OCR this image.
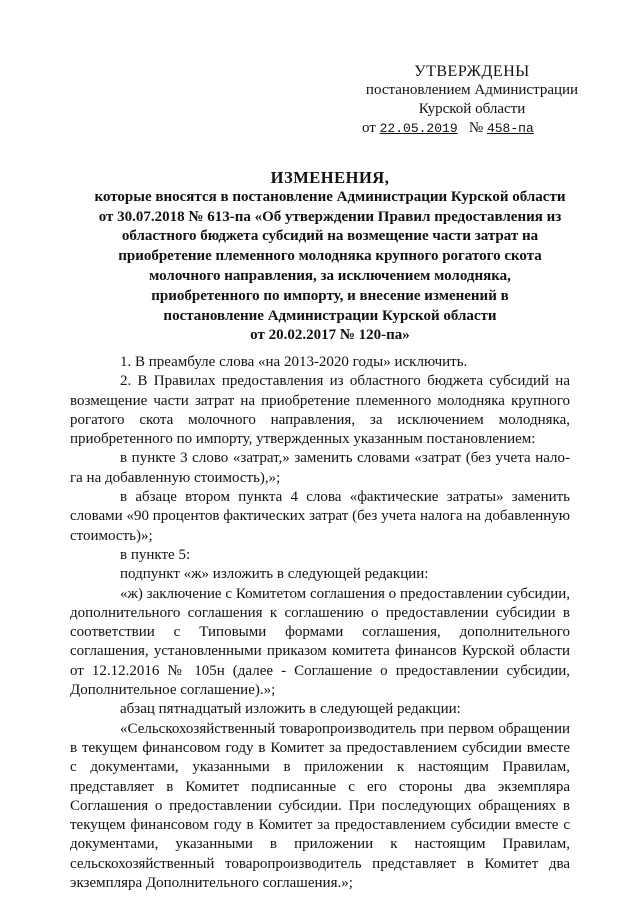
УТВЕРЖДЕНЫ
постановлением Администрации
Курской области
от 22.05.2019 № 458-па
ИЗМЕНЕНИЯ,
которые вносятся в постановление Администрации Курской области
от 30.07.2018 № 613-па «Об утверждении Правил предоставления из
областного бюджета субсидий на возмещение части затрат на
приобретение племенного молодняка крупного рогатого скота
молочного направления, за исключением молодняка,
приобретенного по импорту, и внесение изменений в
постановление Администрации Курской области
от 20.02.2017 № 120-па»

1. В преамбуле слова «на 2013-2020 годы» исключить.

2. В Правилах предоставления из областного бюджета субсидий на возмещение части затрат на приобретение племенного молодняка крупного рогатого скота молочного направления, за исключением молодняка, приобретенного по импорту, утвержденных указанным постановлением:

в пункте 3 слово «затрат,» заменить словами «затрат (без учета нало-га на добавленную стоимость),»;

в абзаце втором пункта 4 слова «фактические затраты» заменить словами «90 процентов фактических затрат (без учета налога на добавленную стоимость)»;

в пункте 5:

подпункт «ж» изложить в следующей редакции:

«ж) заключение с Комитетом соглашения о предоставлении субсидии, дополнительного соглашения к соглашению о предоставлении субсидии в соответствии с Типовыми формами соглашения, дополнительного соглашения, установленными приказом комитета финансов Курской области от 12.12.2016 № 105н (далее - Соглашение о предоставлении субсидии, Дополнительное соглашение).»;

абзац пятнадцатый изложить в следующей редакции:

«Сельскохозяйственный товаропроизводитель при первом обращении в текущем финансовом году в Комитет за предоставлением субсидии вместе с документами, указанными в приложении к настоящим Правилам, представляет в Комитет подписанные с его стороны два экземпляра Соглашения о предоставлении субсидии. При последующих обращениях в текущем финансовом году в Комитет за предоставлением субсидии вместе с документами, указанными в приложении к настоящим Правилам, сельскохозяйственный товаропроизводитель представляет в Комитет два экземпляра Дополнительного соглашения.»;
